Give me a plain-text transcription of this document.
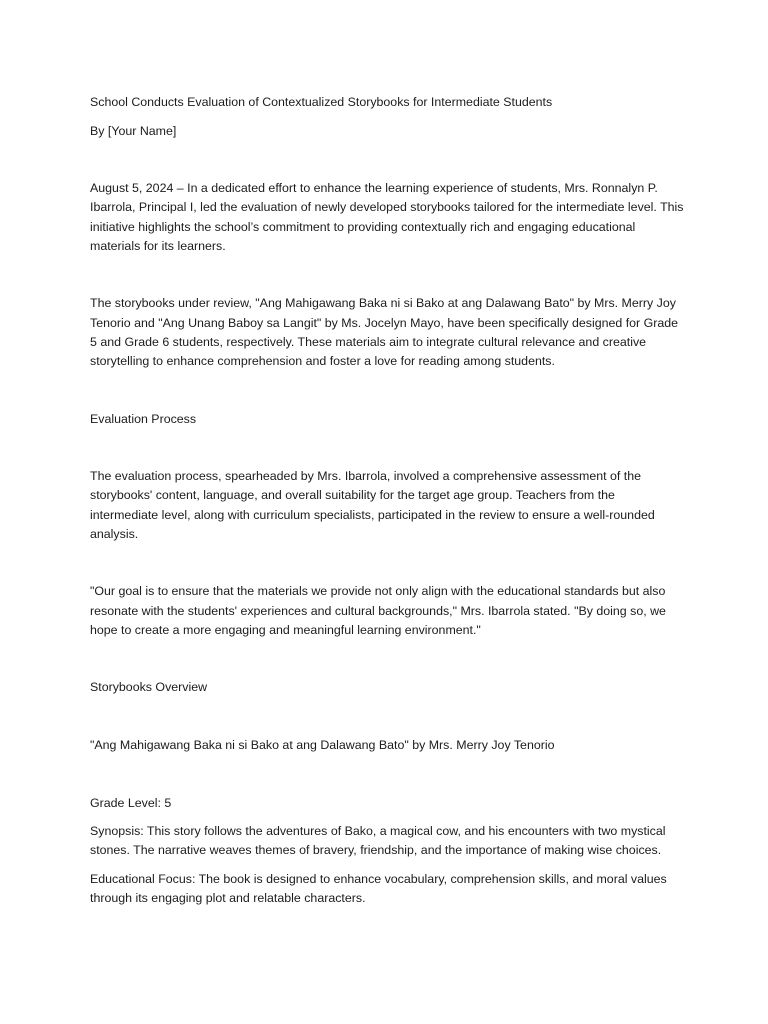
School Conducts Evaluation of Contextualized Storybooks for Intermediate Students

By [Your Name]

August 5, 2024 – In a dedicated effort to enhance the learning experience of students, Mrs. Ronnalyn P. Ibarrola, Principal I, led the evaluation of newly developed storybooks tailored for the intermediate level. This initiative highlights the school’s commitment to providing contextually rich and engaging educational materials for its learners.

The storybooks under review, "Ang Mahigawang Baka ni si Bako at ang Dalawang Bato" by Mrs. Merry Joy Tenorio and "Ang Unang Baboy sa Langit" by Ms. Jocelyn Mayo, have been specifically designed for Grade 5 and Grade 6 students, respectively. These materials aim to integrate cultural relevance and creative storytelling to enhance comprehension and foster a love for reading among students.

Evaluation Process

The evaluation process, spearheaded by Mrs. Ibarrola, involved a comprehensive assessment of the storybooks' content, language, and overall suitability for the target age group. Teachers from the intermediate level, along with curriculum specialists, participated in the review to ensure a well-rounded analysis.

"Our goal is to ensure that the materials we provide not only align with the educational standards but also resonate with the students' experiences and cultural backgrounds," Mrs. Ibarrola stated. "By doing so, we hope to create a more engaging and meaningful learning environment."

Storybooks Overview

"Ang Mahigawang Baka ni si Bako at ang Dalawang Bato" by Mrs. Merry Joy Tenorio

Grade Level: 5

Synopsis: This story follows the adventures of Bako, a magical cow, and his encounters with two mystical stones. The narrative weaves themes of bravery, friendship, and the importance of making wise choices.

Educational Focus: The book is designed to enhance vocabulary, comprehension skills, and moral values through its engaging plot and relatable characters.
